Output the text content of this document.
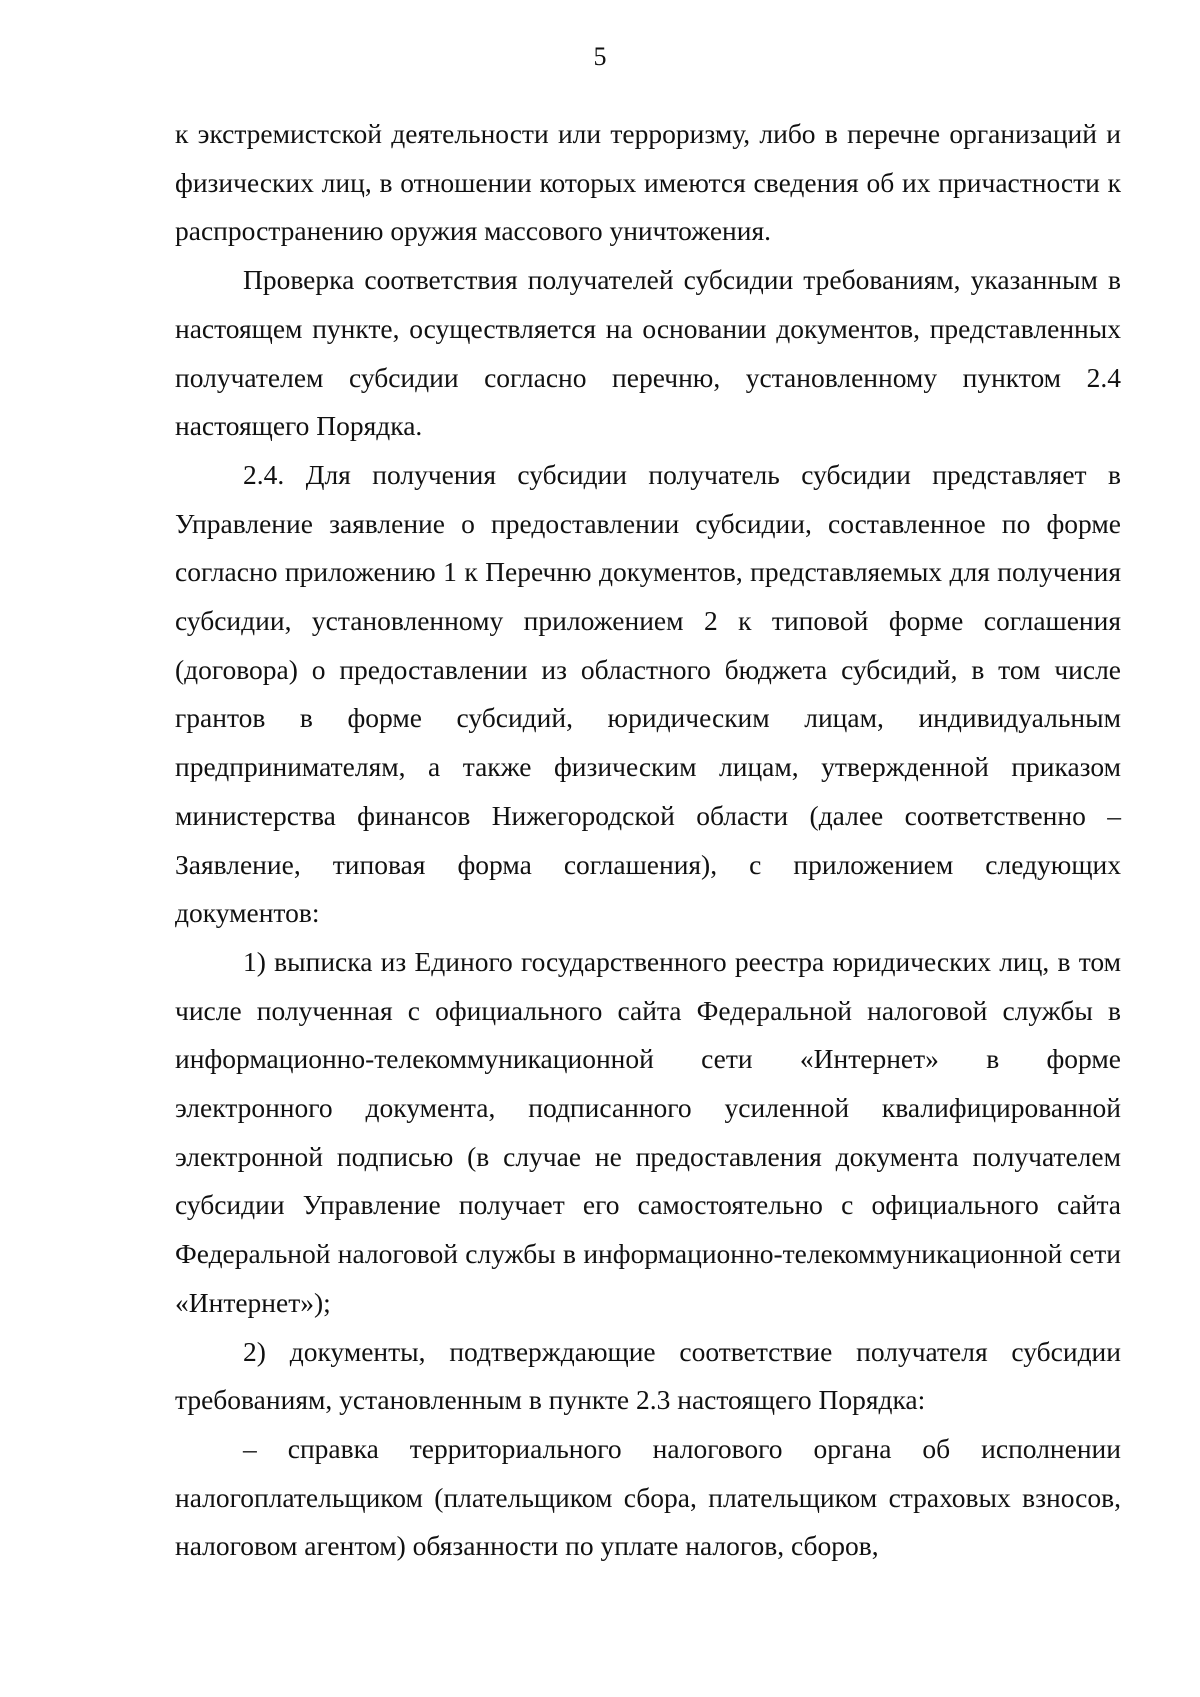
5

к экстремистской деятельности или терроризму, либо в перечне организаций и физических лиц, в отношении которых имеются сведения об их причастности к распространению оружия массового уничтожения.

Проверка соответствия получателей субсидии требованиям, указанным в настоящем пункте, осуществляется на основании документов, представленных получателем субсидии согласно перечню, установленному пунктом 2.4 настоящего Порядка.

2.4. Для получения субсидии получатель субсидии представляет в Управление заявление о предоставлении субсидии, составленное по форме согласно приложению 1 к Перечню документов, представляемых для получения субсидии, установленному приложением 2 к типовой форме соглашения (договора) о предоставлении из областного бюджета субсидий, в том числе грантов в форме субсидий, юридическим лицам, индивидуальным предпринимателям, а также физическим лицам, утвержденной приказом министерства финансов Нижегородской области (далее соответственно – Заявление, типовая форма соглашения), с приложением следующих документов:

1) выписка из Единого государственного реестра юридических лиц, в том числе полученная с официального сайта Федеральной налоговой службы в информационно-телекоммуникационной сети «Интернет» в форме электронного документа, подписанного усиленной квалифицированной электронной подписью (в случае не предоставления документа получателем субсидии Управление получает его самостоятельно с официального сайта Федеральной налоговой службы в информационно-телекоммуникационной сети «Интернет»);

2) документы, подтверждающие соответствие получателя субсидии требованиям, установленным в пункте 2.3 настоящего Порядка:

– справка территориального налогового органа об исполнении налогоплательщиком (плательщиком сбора, плательщиком страховых взносов, налоговом агентом) обязанности по уплате налогов, сборов,
